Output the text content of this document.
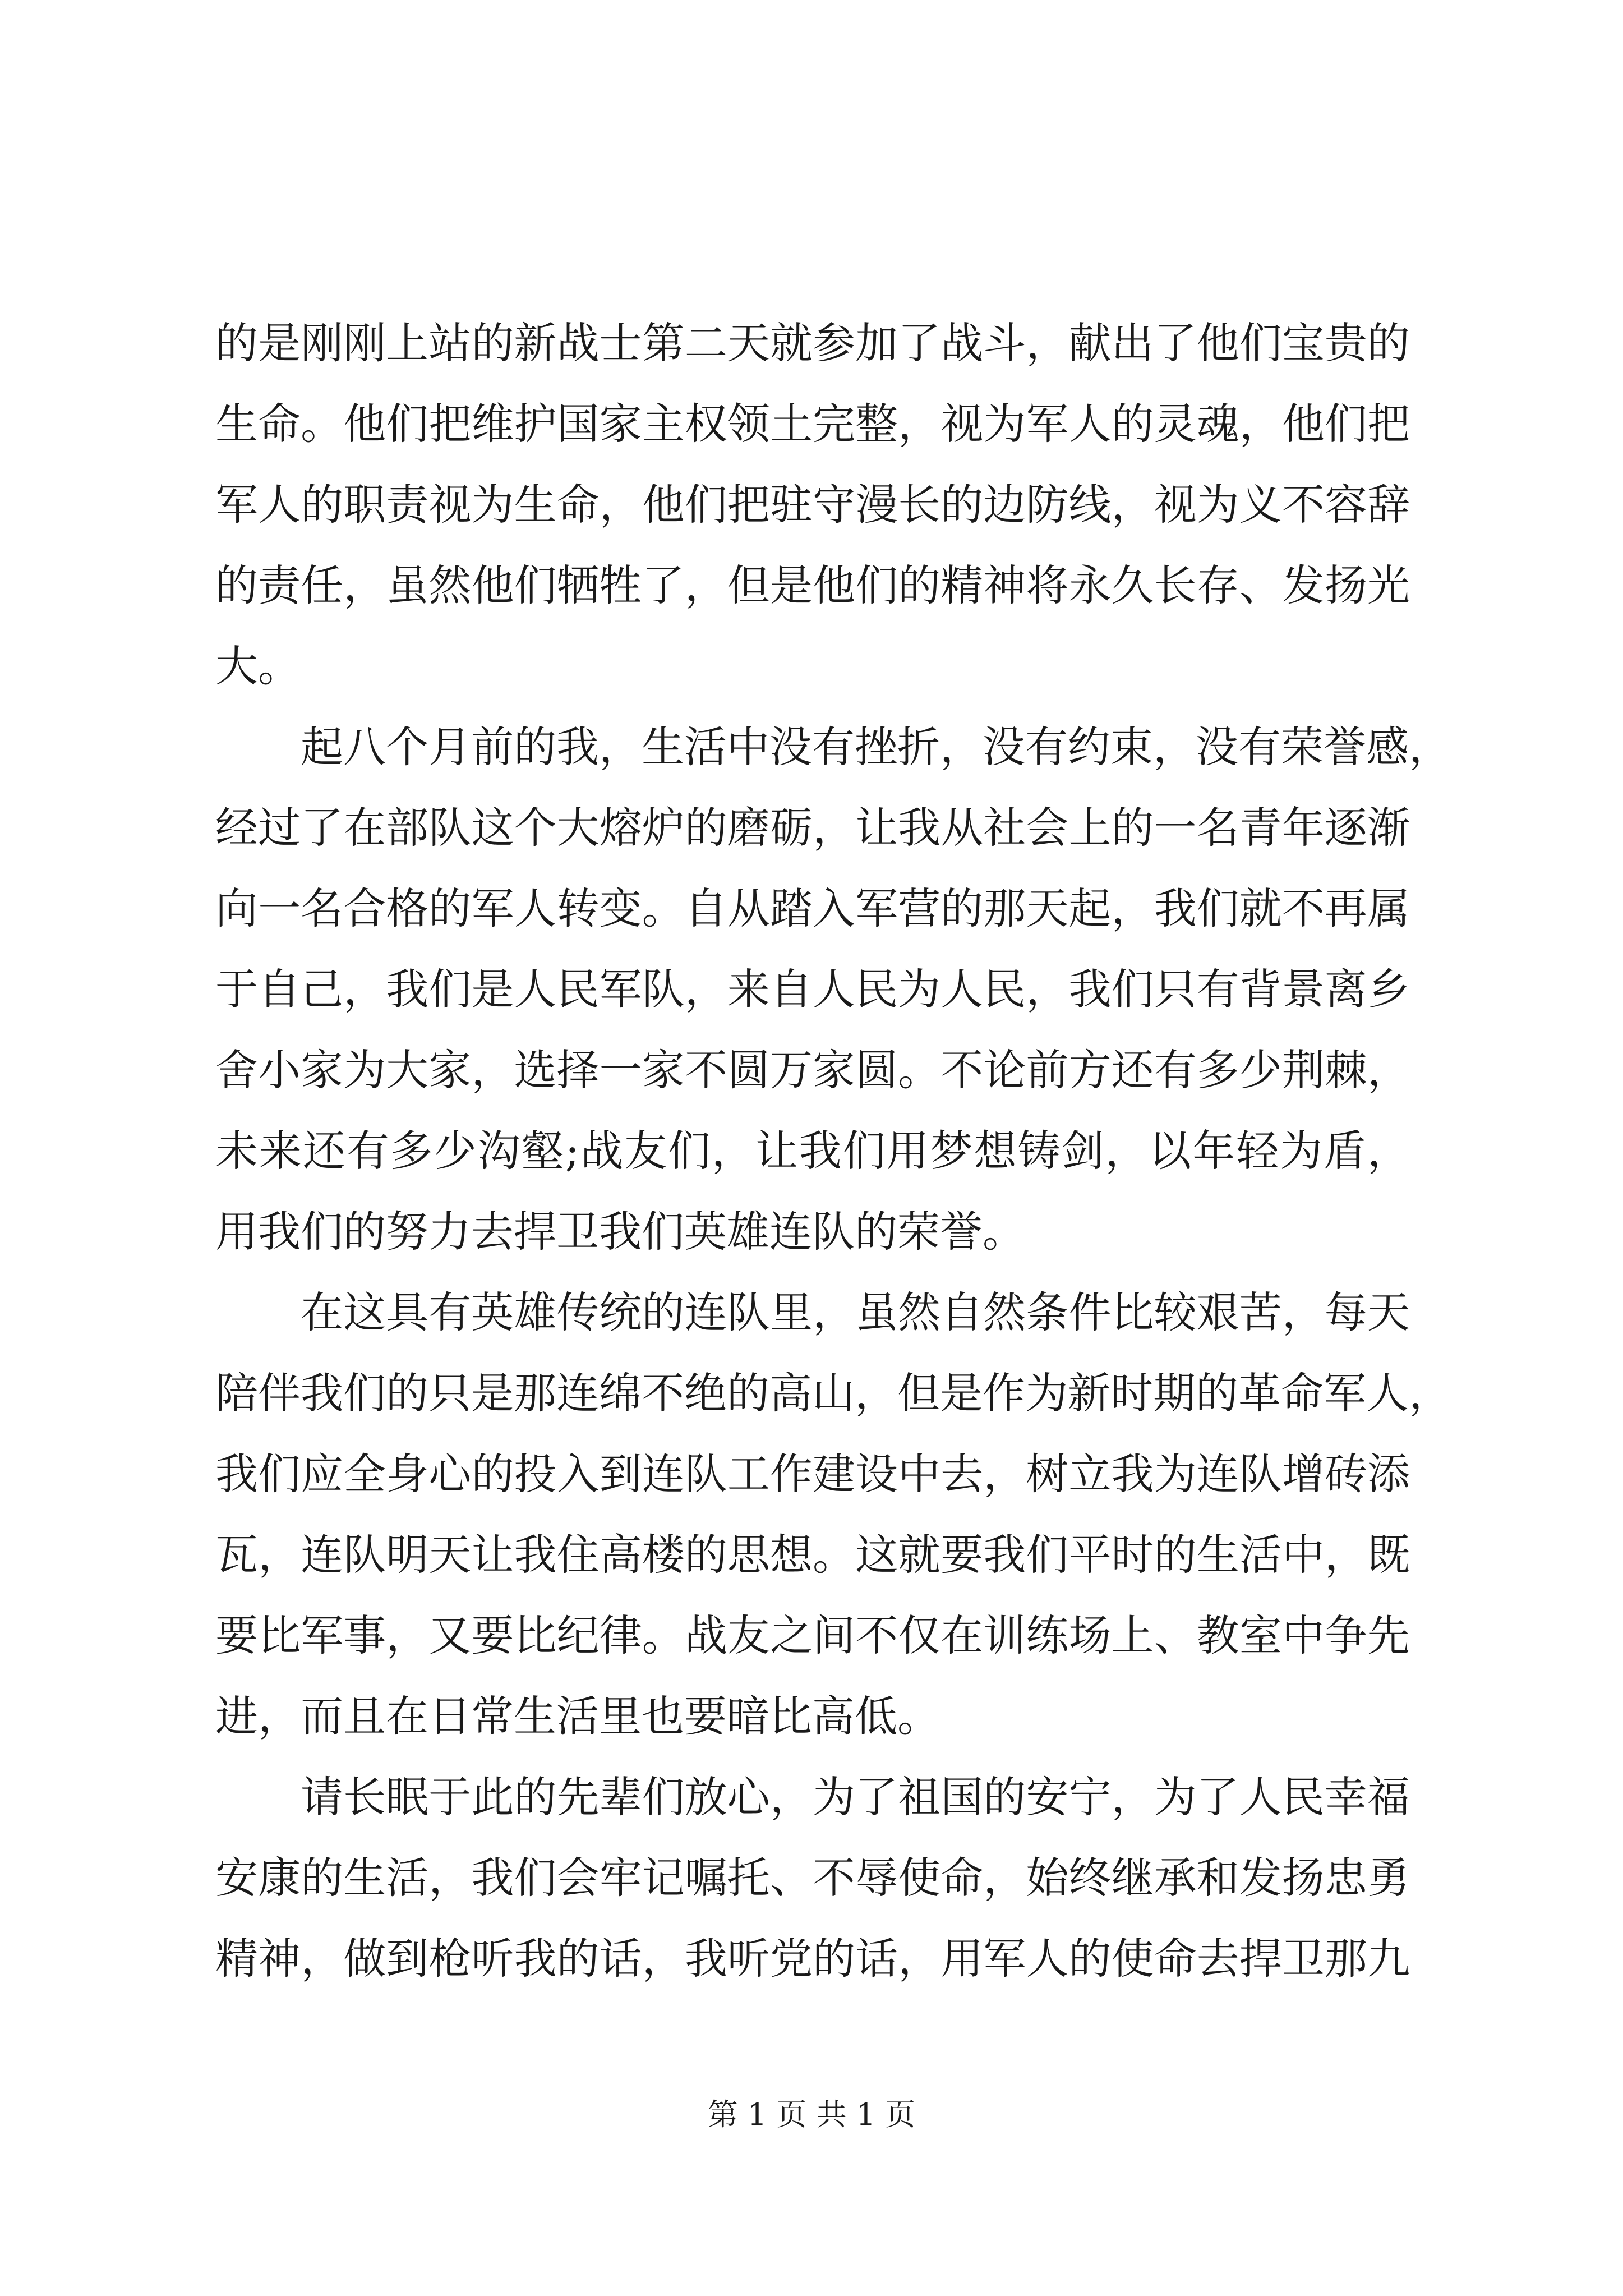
的是刚刚上站的新战士第二天就参加了战斗，献出了他们宝贵的
生命。他们把维护国家主权领土完整，视为军人的灵魂，他们把
军人的职责视为生命，他们把驻守漫长的边防线，视为义不容辞
的责任，虽然他们牺牲了，但是他们的精神将永久长存、发扬光
大。
起八个月前的我，生活中没有挫折，没有约束，没有荣誉感，
经过了在部队这个大熔炉的磨砺，让我从社会上的一名青年逐渐
向一名合格的军人转变。自从踏入军营的那天起，我们就不再属
于自己，我们是人民军队，来自人民为人民，我们只有背景离乡
舍小家为大家，选择一家不圆万家圆。不论前方还有多少荆棘，
未来还有多少沟壑;战友们，让我们用梦想铸剑，以年轻为盾，
用我们的努力去捍卫我们英雄连队的荣誉。
在这具有英雄传统的连队里，虽然自然条件比较艰苦，每天
陪伴我们的只是那连绵不绝的高山，但是作为新时期的革命军人，
我们应全身心的投入到连队工作建设中去，树立我为连队增砖添
瓦，连队明天让我住高楼的思想。这就要我们平时的生活中，既
要比军事，又要比纪律。战友之间不仅在训练场上、教室中争先
进，而且在日常生活里也要暗比高低。
请长眠于此的先辈们放心，为了祖国的安宁，为了人民幸福
安康的生活，我们会牢记嘱托、不辱使命，始终继承和发扬忠勇
精神，做到枪听我的话，我听党的话，用军人的使命去捍卫那九
第 1 页 共 1 页
